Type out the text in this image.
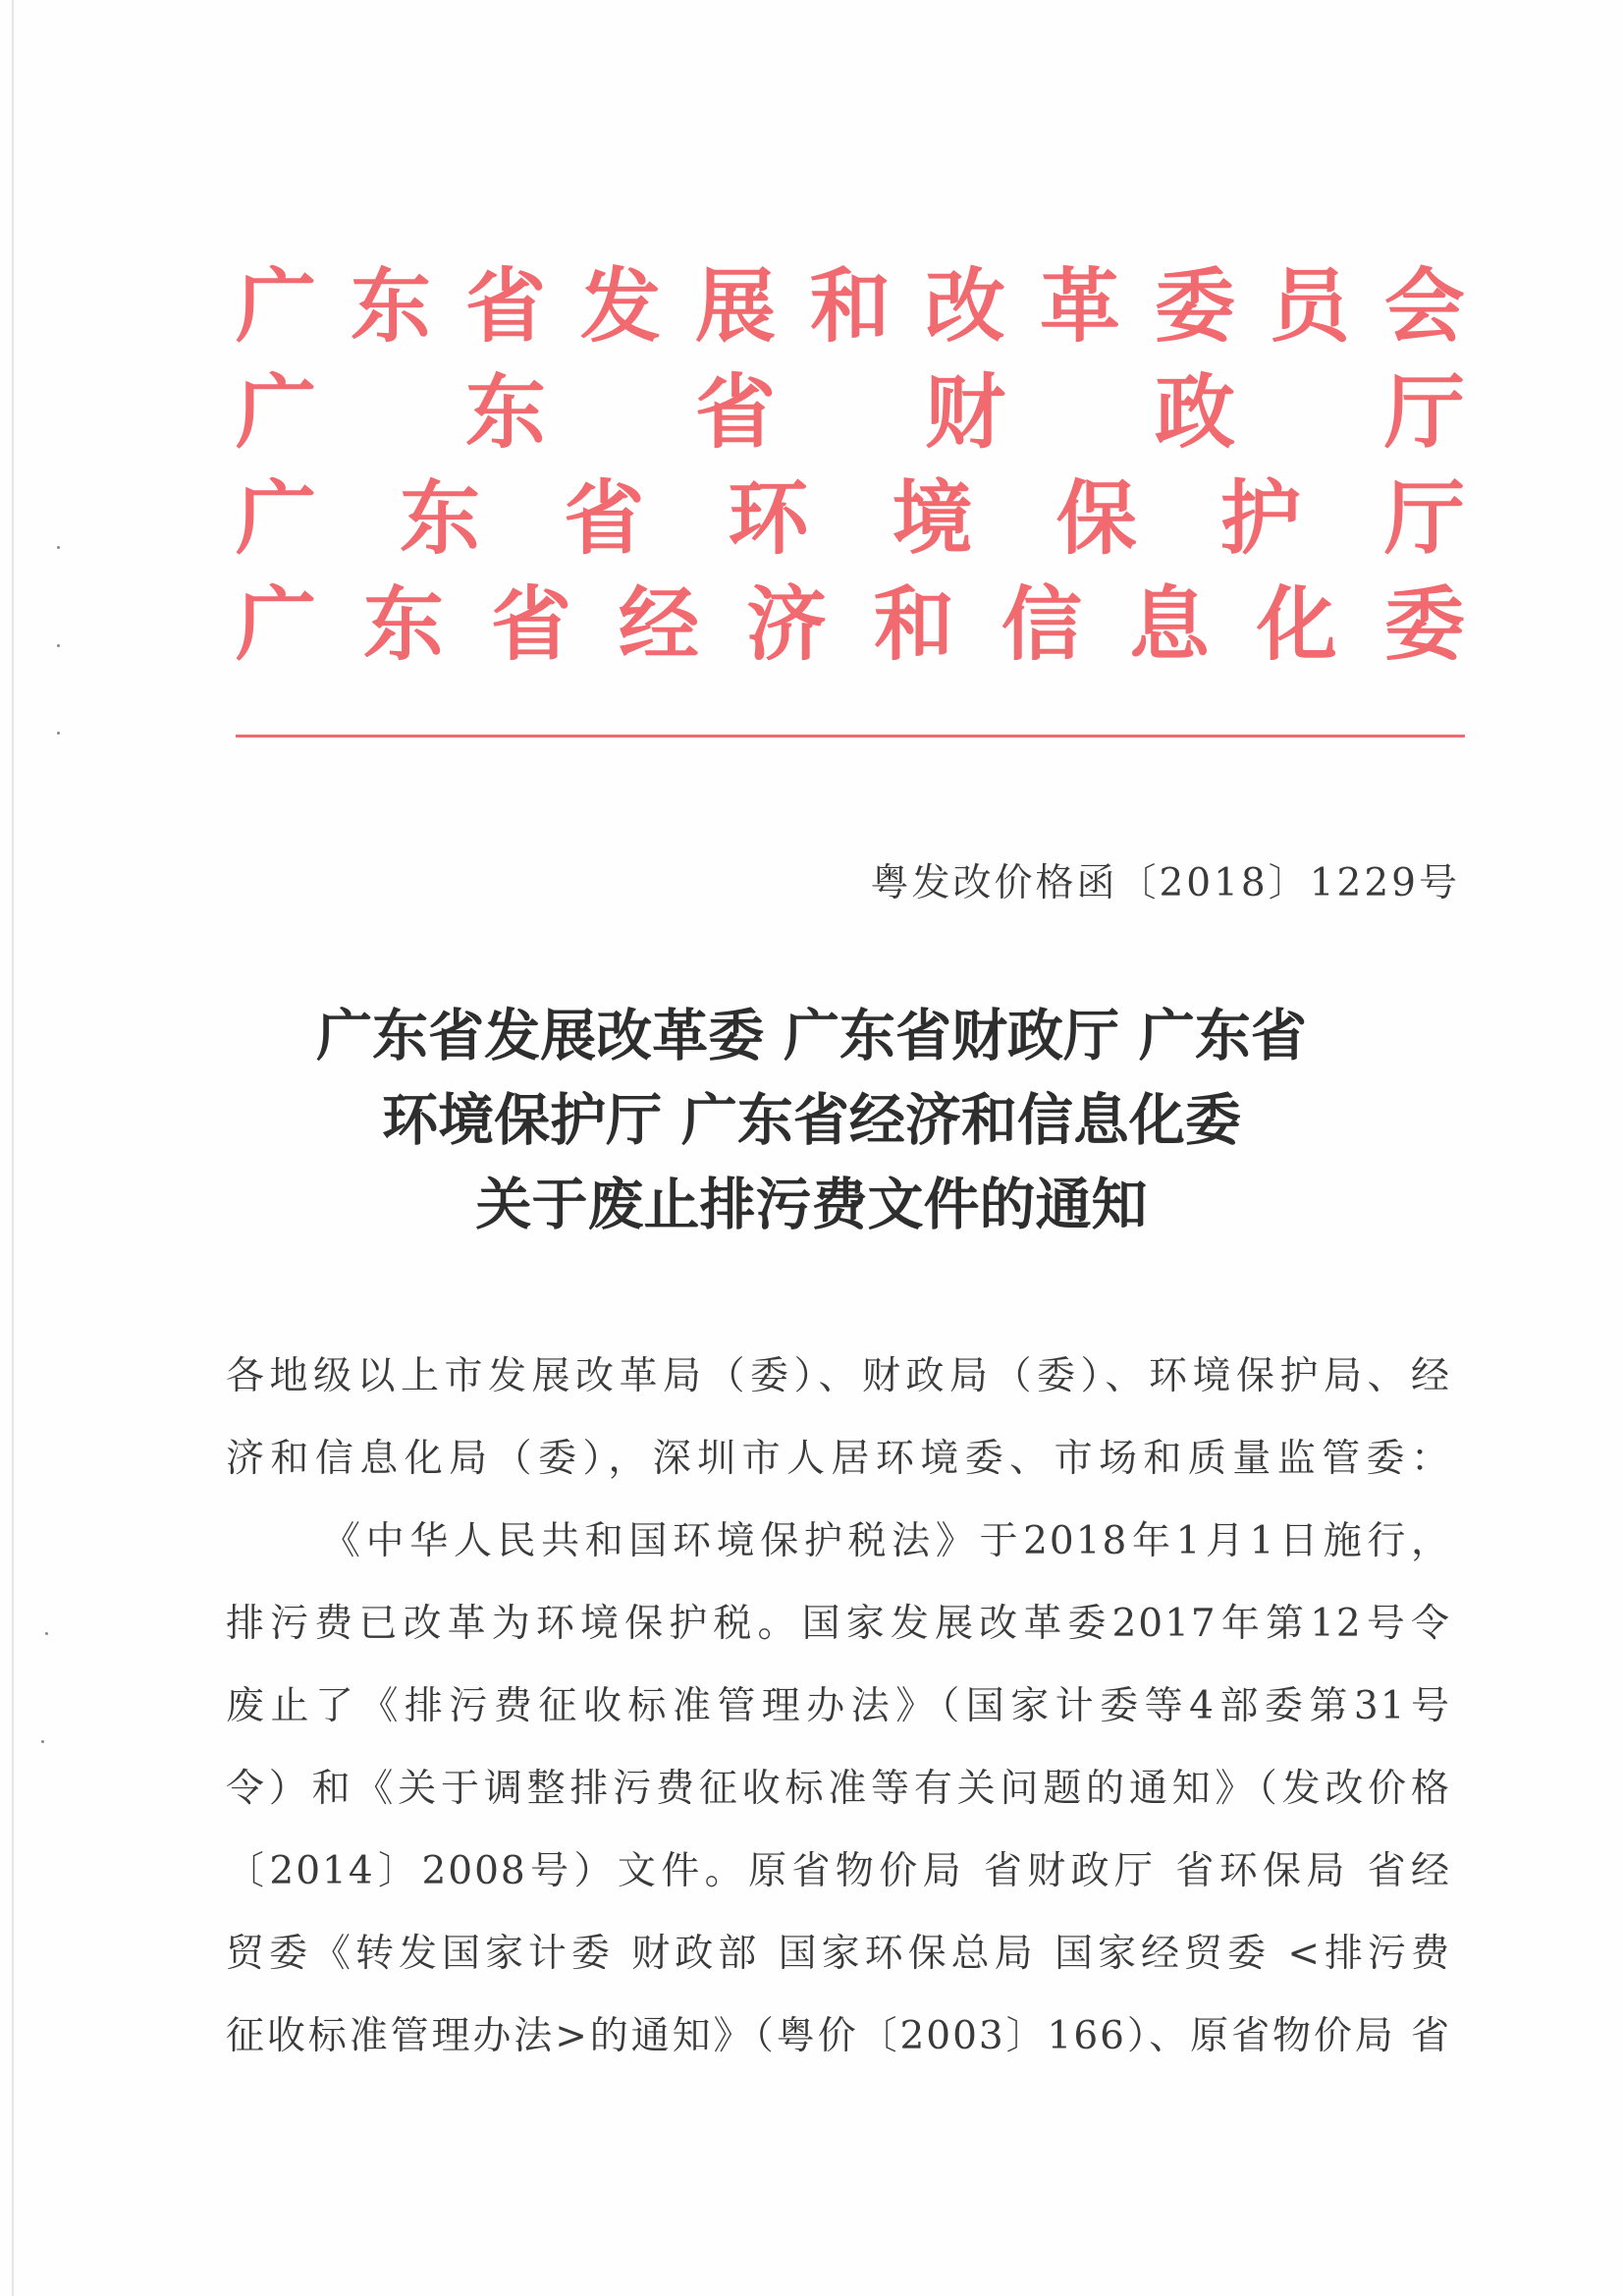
广 东 省 发 展 和 改 革 委 员 会
广 东 省 财 政 厅
广 东 省 环 境 保 护 厅
广 东 省 经 济 和 信 息 化 委
粤发改价格函〔2018〕1229号
广东省发展改革委 广东省财政厅 广东省
环境保护厅 广东省经济和信息化委
关于废止排污费文件的通知
各地级以上市发展改革局（委）、财政局（委）、环境保护局、经
济和信息化局（委），深圳市人居环境委、市场和质量监管委：
《中华人民共和国环境保护税法》于2018年1月1日施行，
排污费已改革为环境保护税。国家发展改革委2017年第12号令
废止了《排污费征收标准管理办法》（国家计委等4部委第31号
令）和《关于调整排污费征收标准等有关问题的通知》（发改价格
〔2014〕2008号）文件。原省物价局 省财政厅 省环保局 省经
贸委《转发国家计委 财政部 国家环保总局 国家经贸委 <排污费
征收标准管理办法>的通知》（粤价〔2003〕166）、原省物价局 省
